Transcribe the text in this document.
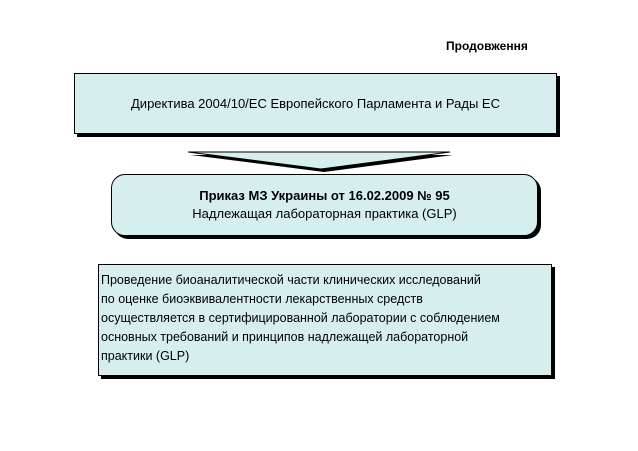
Продовження
Директива 2004/10/ЕС Европейского Парламента и Рады ЕС
Приказ МЗ Украины от 16.02.2009 № 95
Надлежащая лабораторная практика (GLP)
Проведение биоаналитической части клинических исследований
по оценке биоэквивалентности лекарственных средств
осуществляется в сертифицированной лаборатории с соблюдением
основных требований и принципов надлежащей лабораторной
практики (GLP)
